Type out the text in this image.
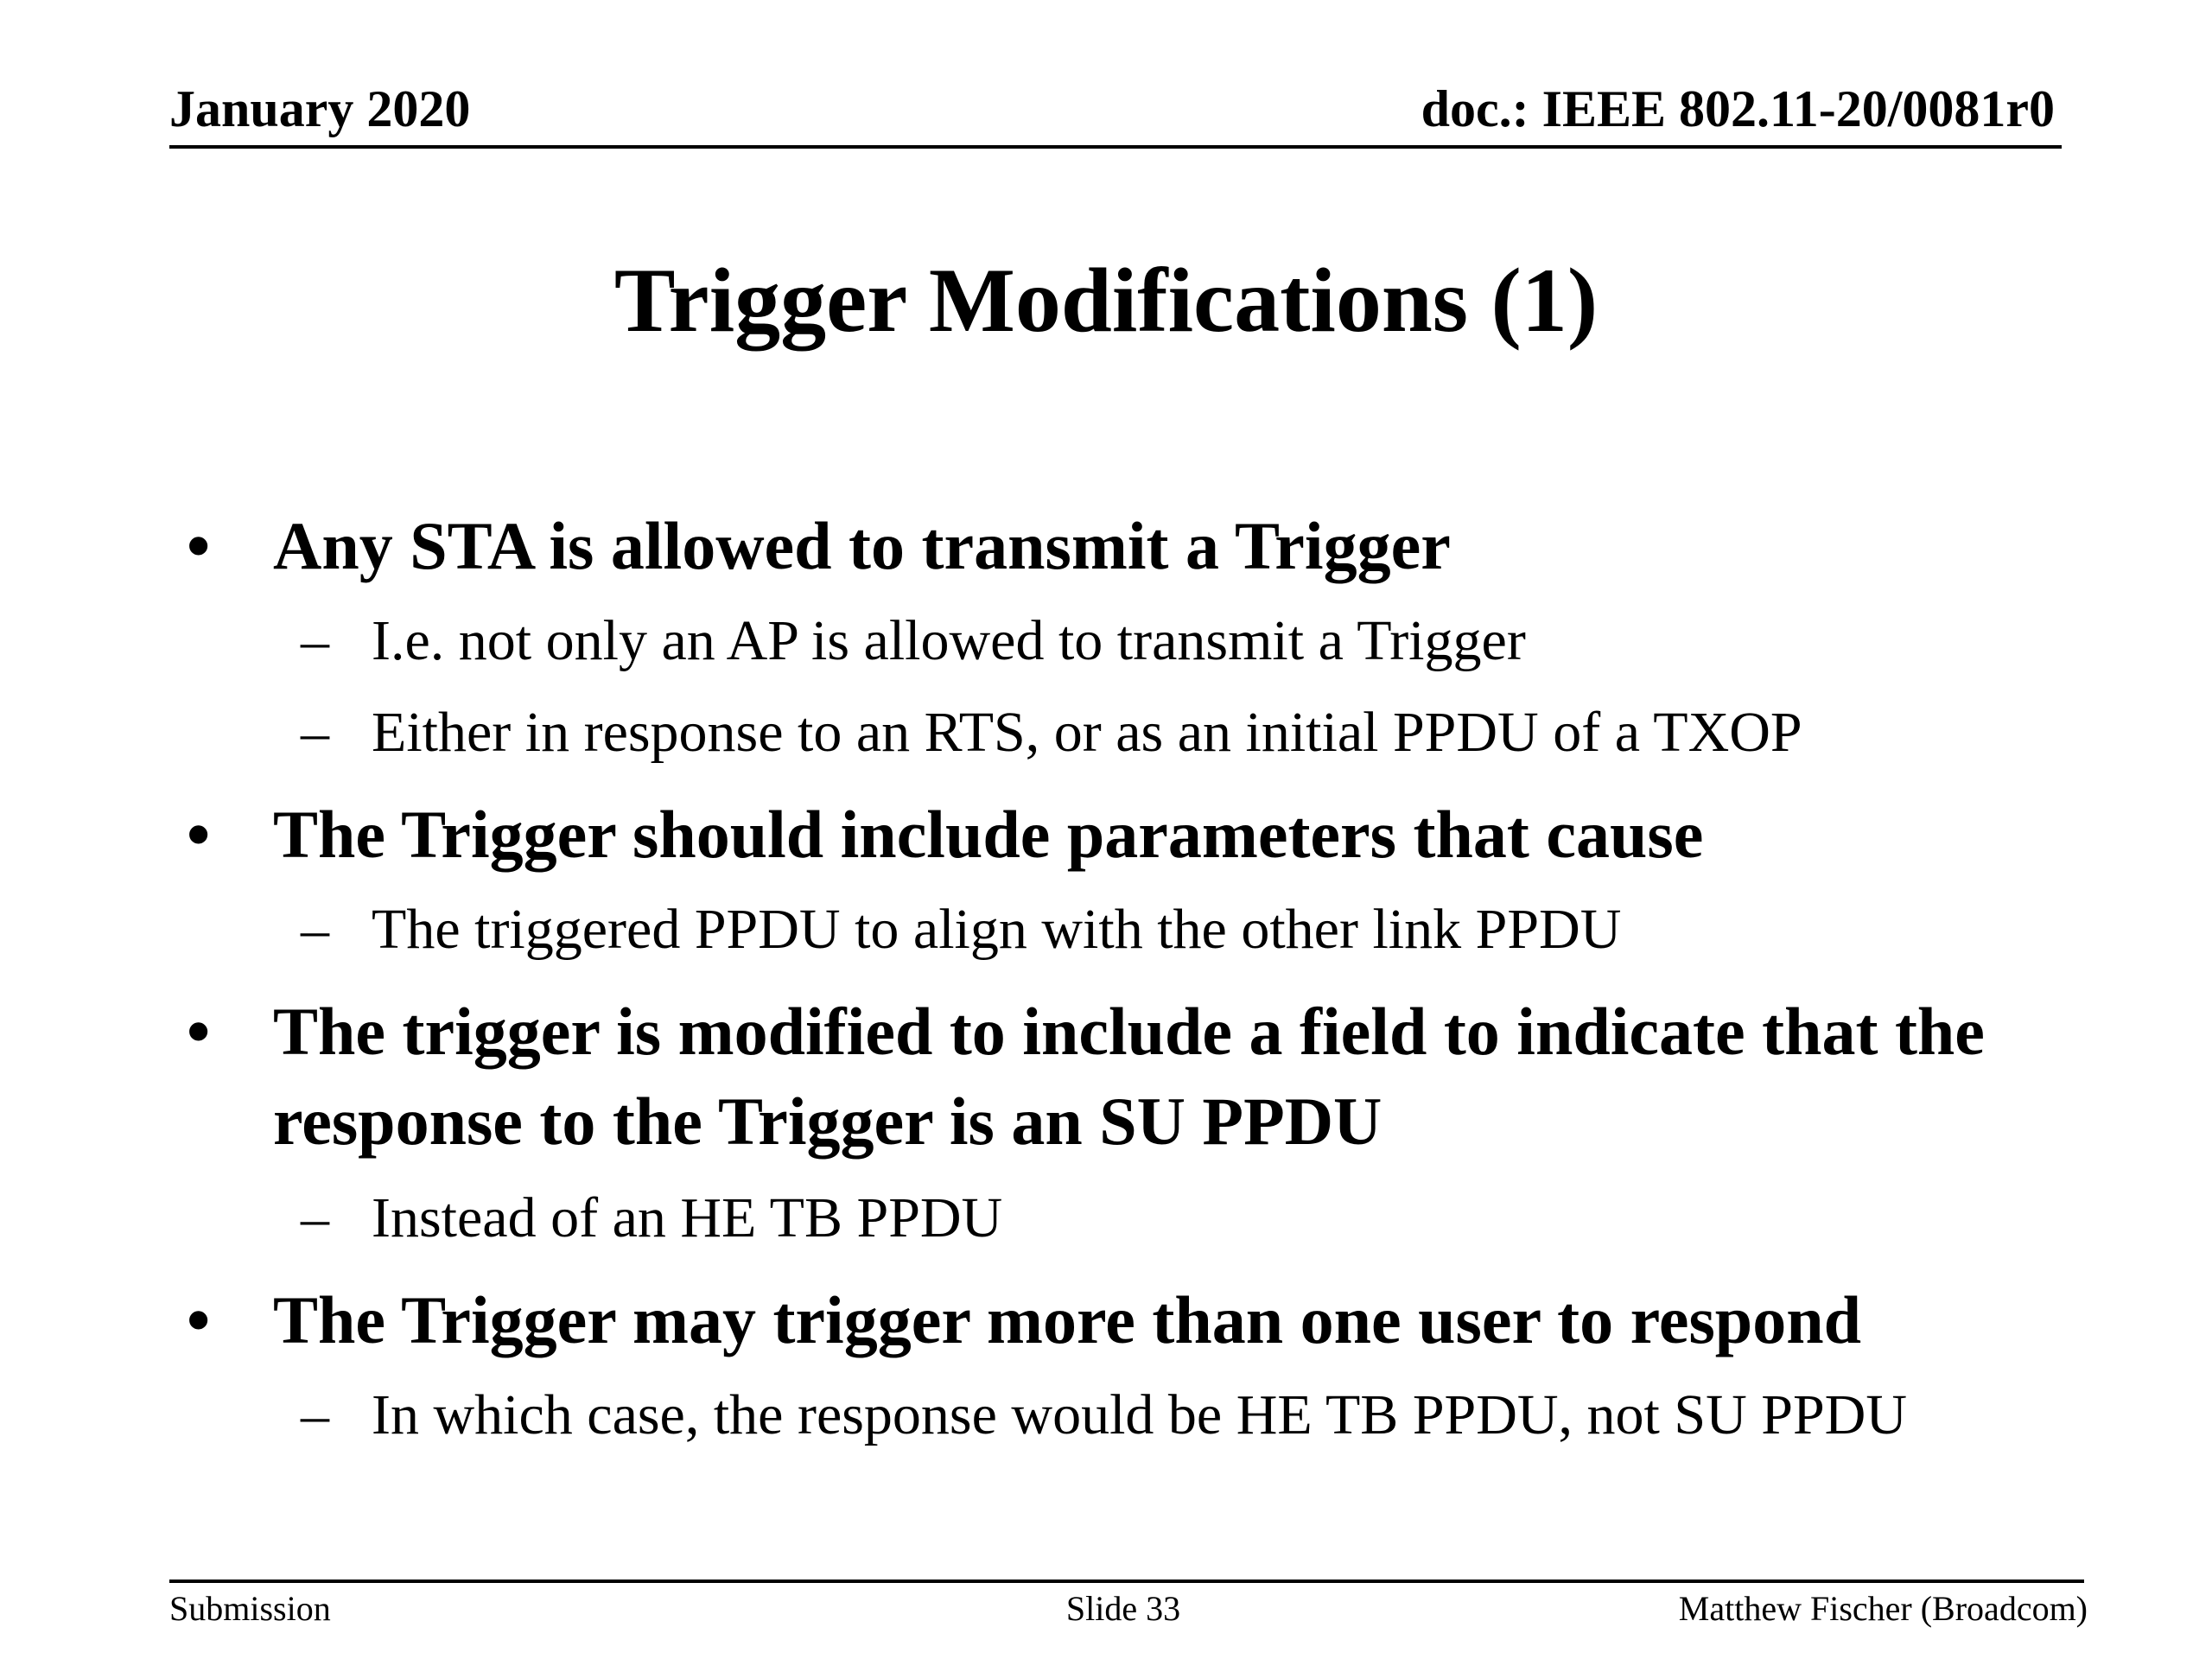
January 2020	doc.: IEEE 802.11-20/0081r0
Trigger Modifications (1)
• Any STA is allowed to transmit a Trigger
– I.e. not only an AP is allowed to transmit a Trigger
– Either in response to an RTS, or as an initial PPDU of a TXOP
• The Trigger should include parameters that cause
– The triggered PPDU to align with the other link PPDU
• The trigger is modified to include a field to indicate that the response to the Trigger is an SU PPDU
– Instead of an HE TB PPDU
• The Trigger may trigger more than one user to respond
– In which case, the response would be HE TB PPDU, not SU PPDU
Submission	Slide 33	Matthew Fischer (Broadcom)
